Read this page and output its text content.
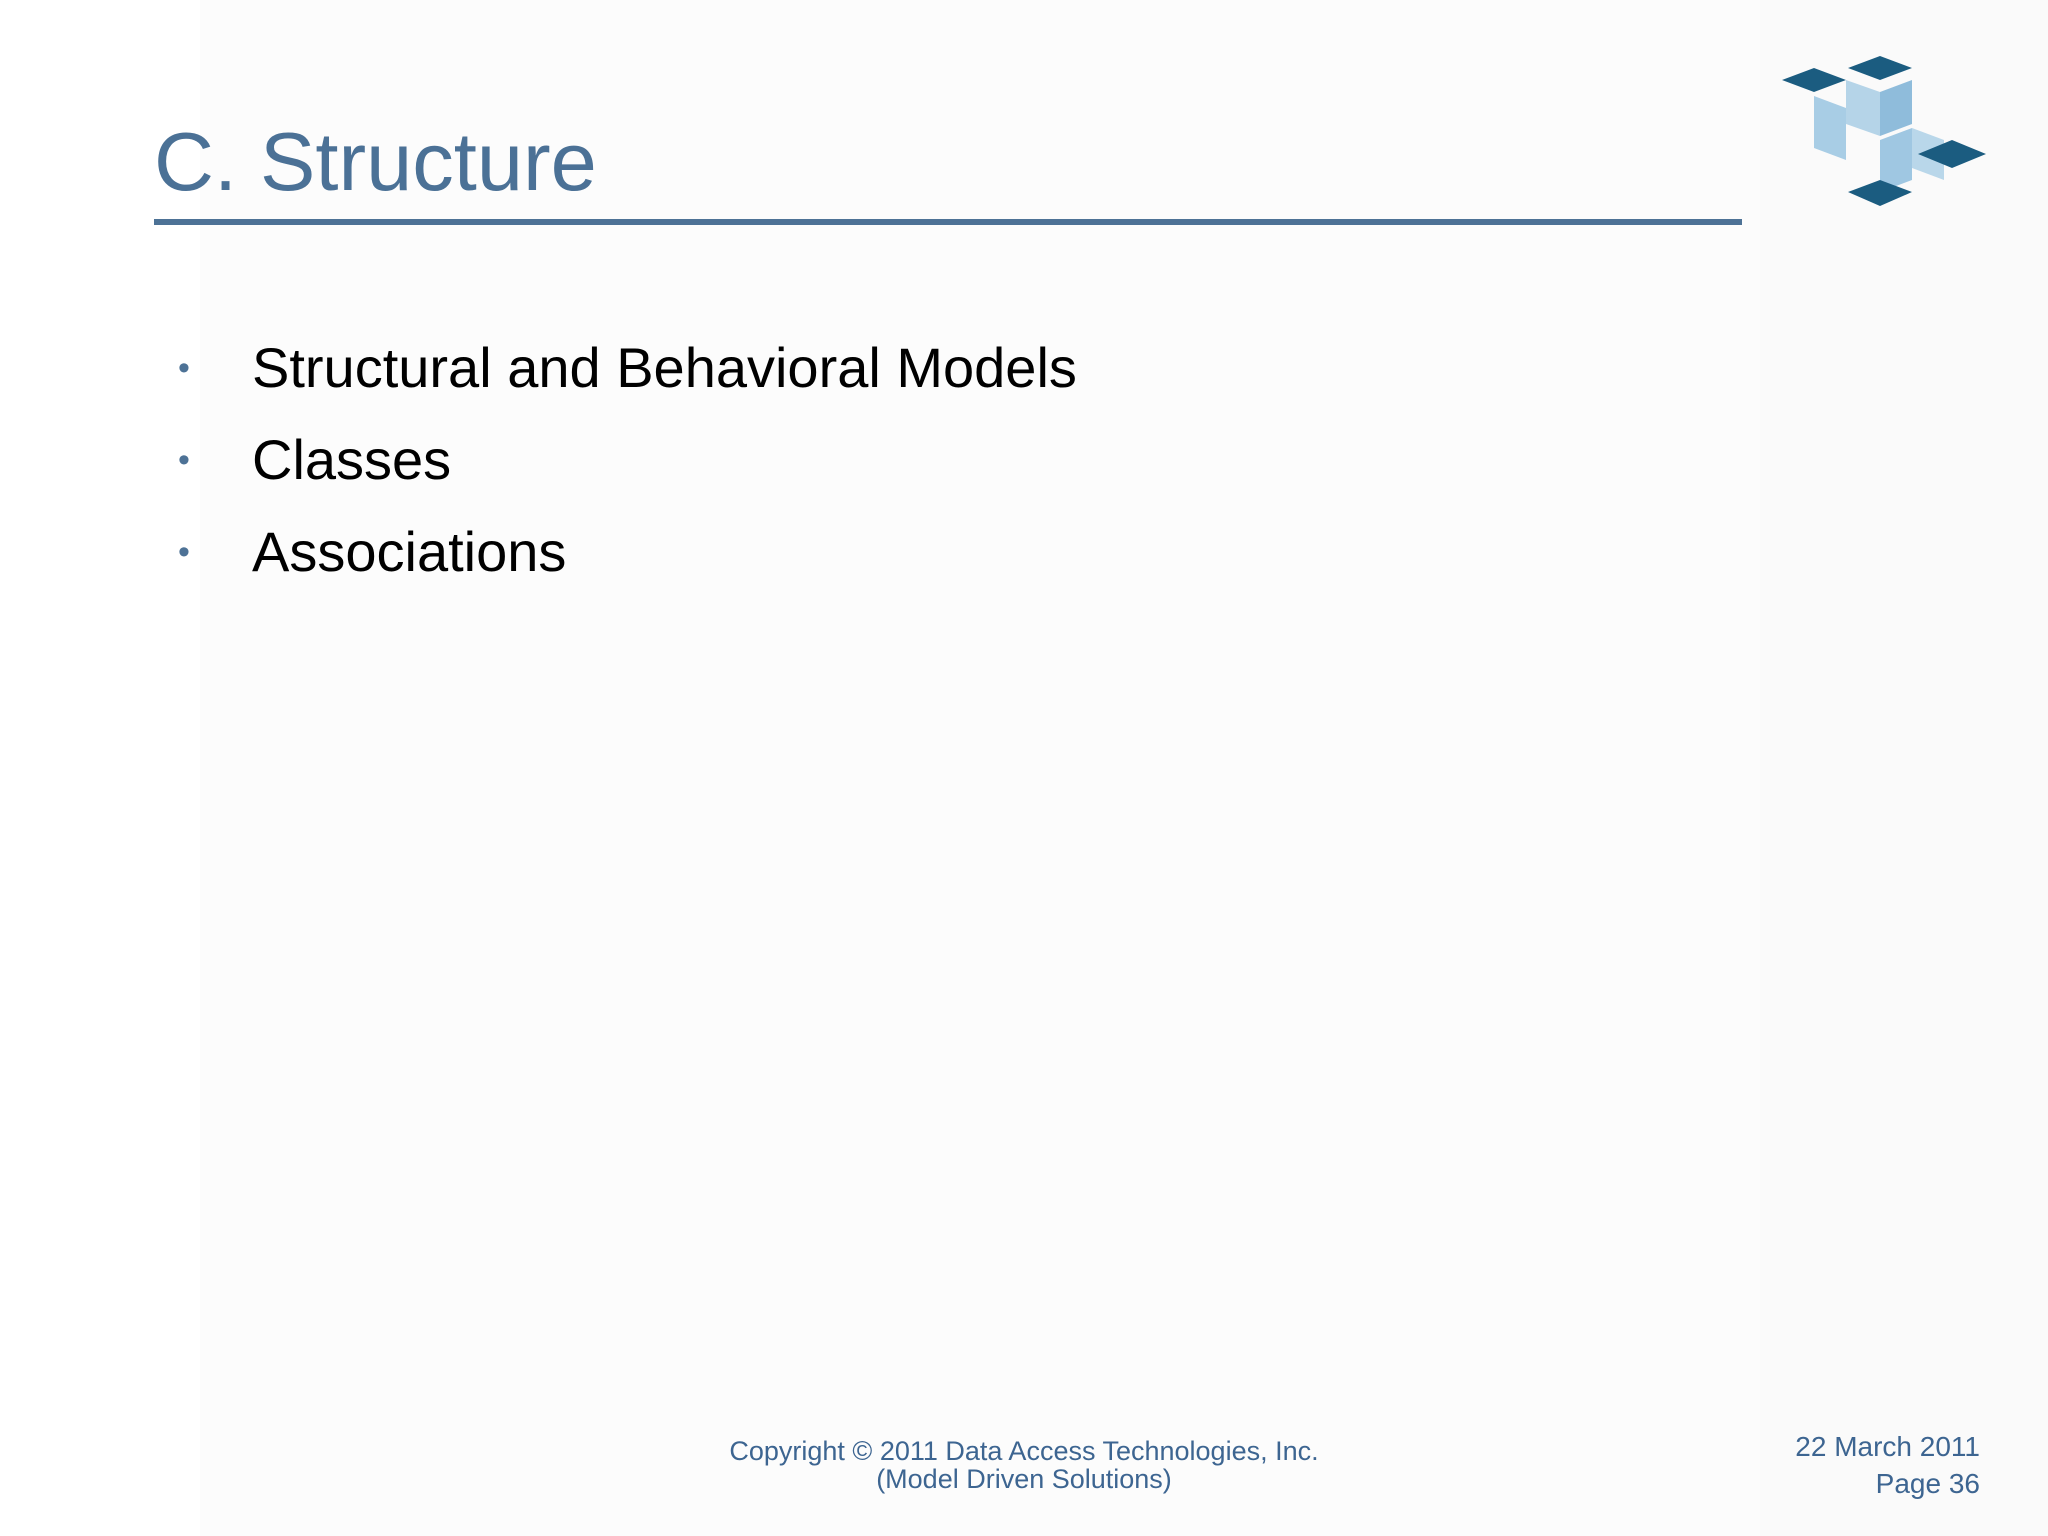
C. Structure
• Structural and Behavioral Models
• Classes
• Associations
Copyright © 2011 Data Access Technologies, Inc.
(Model Driven Solutions)
22 March 2011
Page 36
